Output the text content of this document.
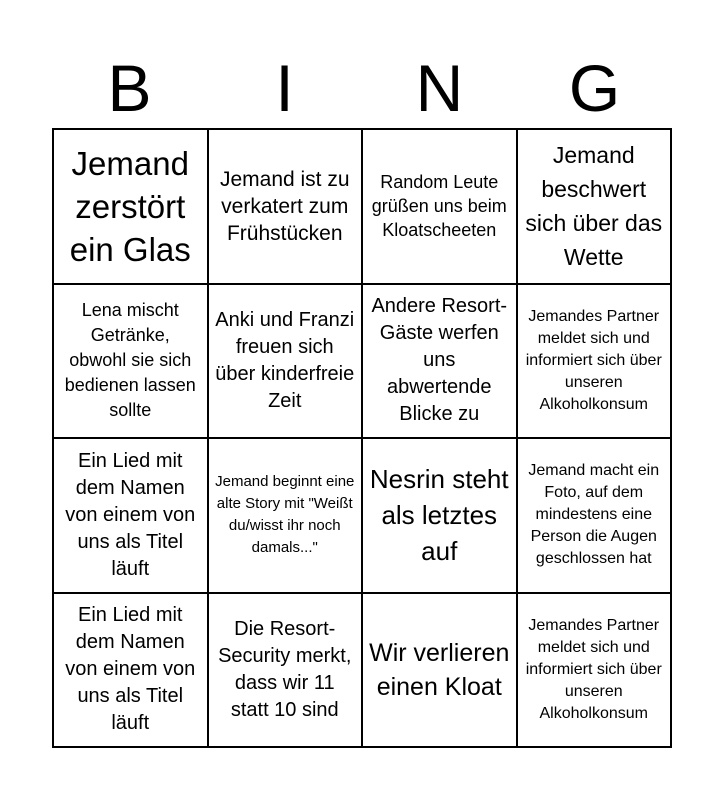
B	I	N	G
Jemand zerstört ein Glas
Jemand ist zu verkatert zum Frühstücken
Random Leute grüßen uns beim Kloatscheeten
Jemand beschwert sich über das Wette
Lena mischt Getränke, obwohl sie sich bedienen lassen sollte
Anki und Franzi freuen sich über kinderfreie Zeit
Andere Resort-Gäste werfen uns abwertende Blicke zu
Jemandes Partner meldet sich und informiert sich über unseren Alkoholkonsum
Ein Lied mit dem Namen von einem von uns als Titel läuft
Jemand beginnt eine alte Story mit "Weißt du/wisst ihr noch damals..."
Nesrin steht als letztes auf
Jemand macht ein Foto, auf dem mindestens eine Person die Augen geschlossen hat
Ein Lied mit dem Namen von einem von uns als Titel läuft
Die Resort-Security merkt, dass wir 11 statt 10 sind
Wir verlieren einen Kloat
Jemandes Partner meldet sich und informiert sich über unseren Alkoholkonsum
